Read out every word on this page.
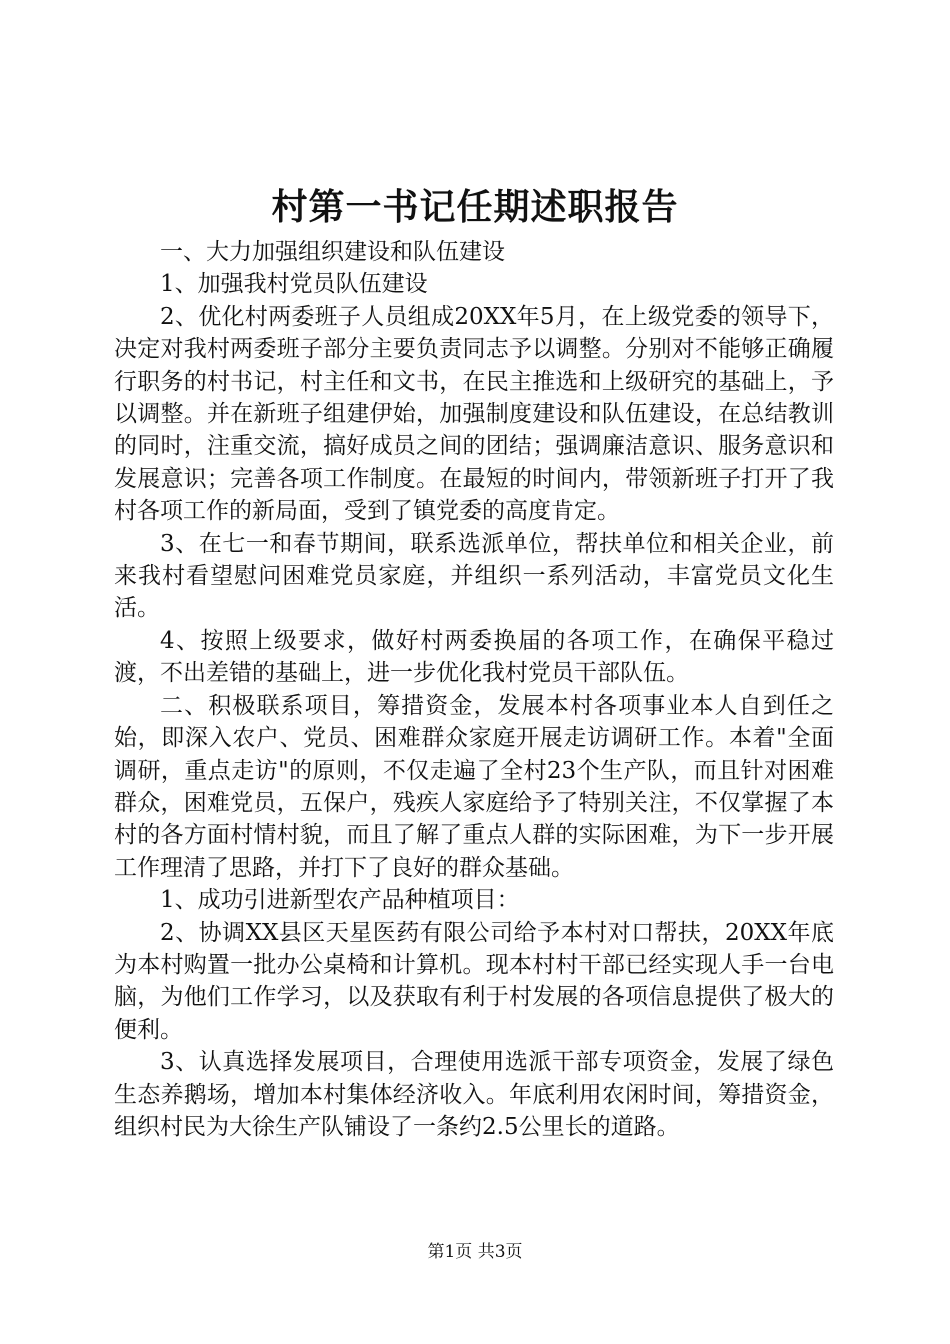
村第一书记任期述职报告

一、大力加强组织建设和队伍建设

1、加强我村党员队伍建设

2、优化村两委班子人员组成20XX年5月，在上级党委的领导下，决定对我村两委班子部分主要负责同志予以调整。分别对不能够正确履行职务的村书记，村主任和文书，在民主推选和上级研究的基础上，予以调整。并在新班子组建伊始，加强制度建设和队伍建设，在总结教训的同时，注重交流，搞好成员之间的团结；强调廉洁意识、服务意识和发展意识；完善各项工作制度。在最短的时间内，带领新班子打开了我村各项工作的新局面，受到了镇党委的高度肯定。

3、在七一和春节期间，联系选派单位，帮扶单位和相关企业，前来我村看望慰问困难党员家庭，并组织一系列活动，丰富党员文化生活。

4、按照上级要求，做好村两委换届的各项工作，在确保平稳过渡，不出差错的基础上，进一步优化我村党员干部队伍。

二、积极联系项目，筹措资金，发展本村各项事业本人自到任之始，即深入农户、党员、困难群众家庭开展走访调研工作。本着"全面调研，重点走访"的原则，不仅走遍了全村23个生产队，而且针对困难群众，困难党员，五保户，残疾人家庭给予了特别关注，不仅掌握了本村的各方面村情村貌，而且了解了重点人群的实际困难，为下一步开展工作理清了思路，并打下了良好的群众基础。

1、成功引进新型农产品种植项目：

2、协调XX县区天星医药有限公司给予本村对口帮扶，20XX年底为本村购置一批办公桌椅和计算机。现本村村干部已经实现人手一台电脑，为他们工作学习，以及获取有利于村发展的各项信息提供了极大的便利。

3、认真选择发展项目，合理使用选派干部专项资金，发展了绿色生态养鹅场，增加本村集体经济收入。年底利用农闲时间，筹措资金，组织村民为大徐生产队铺设了一条约2.5公里长的道路。

第1页 共3页
